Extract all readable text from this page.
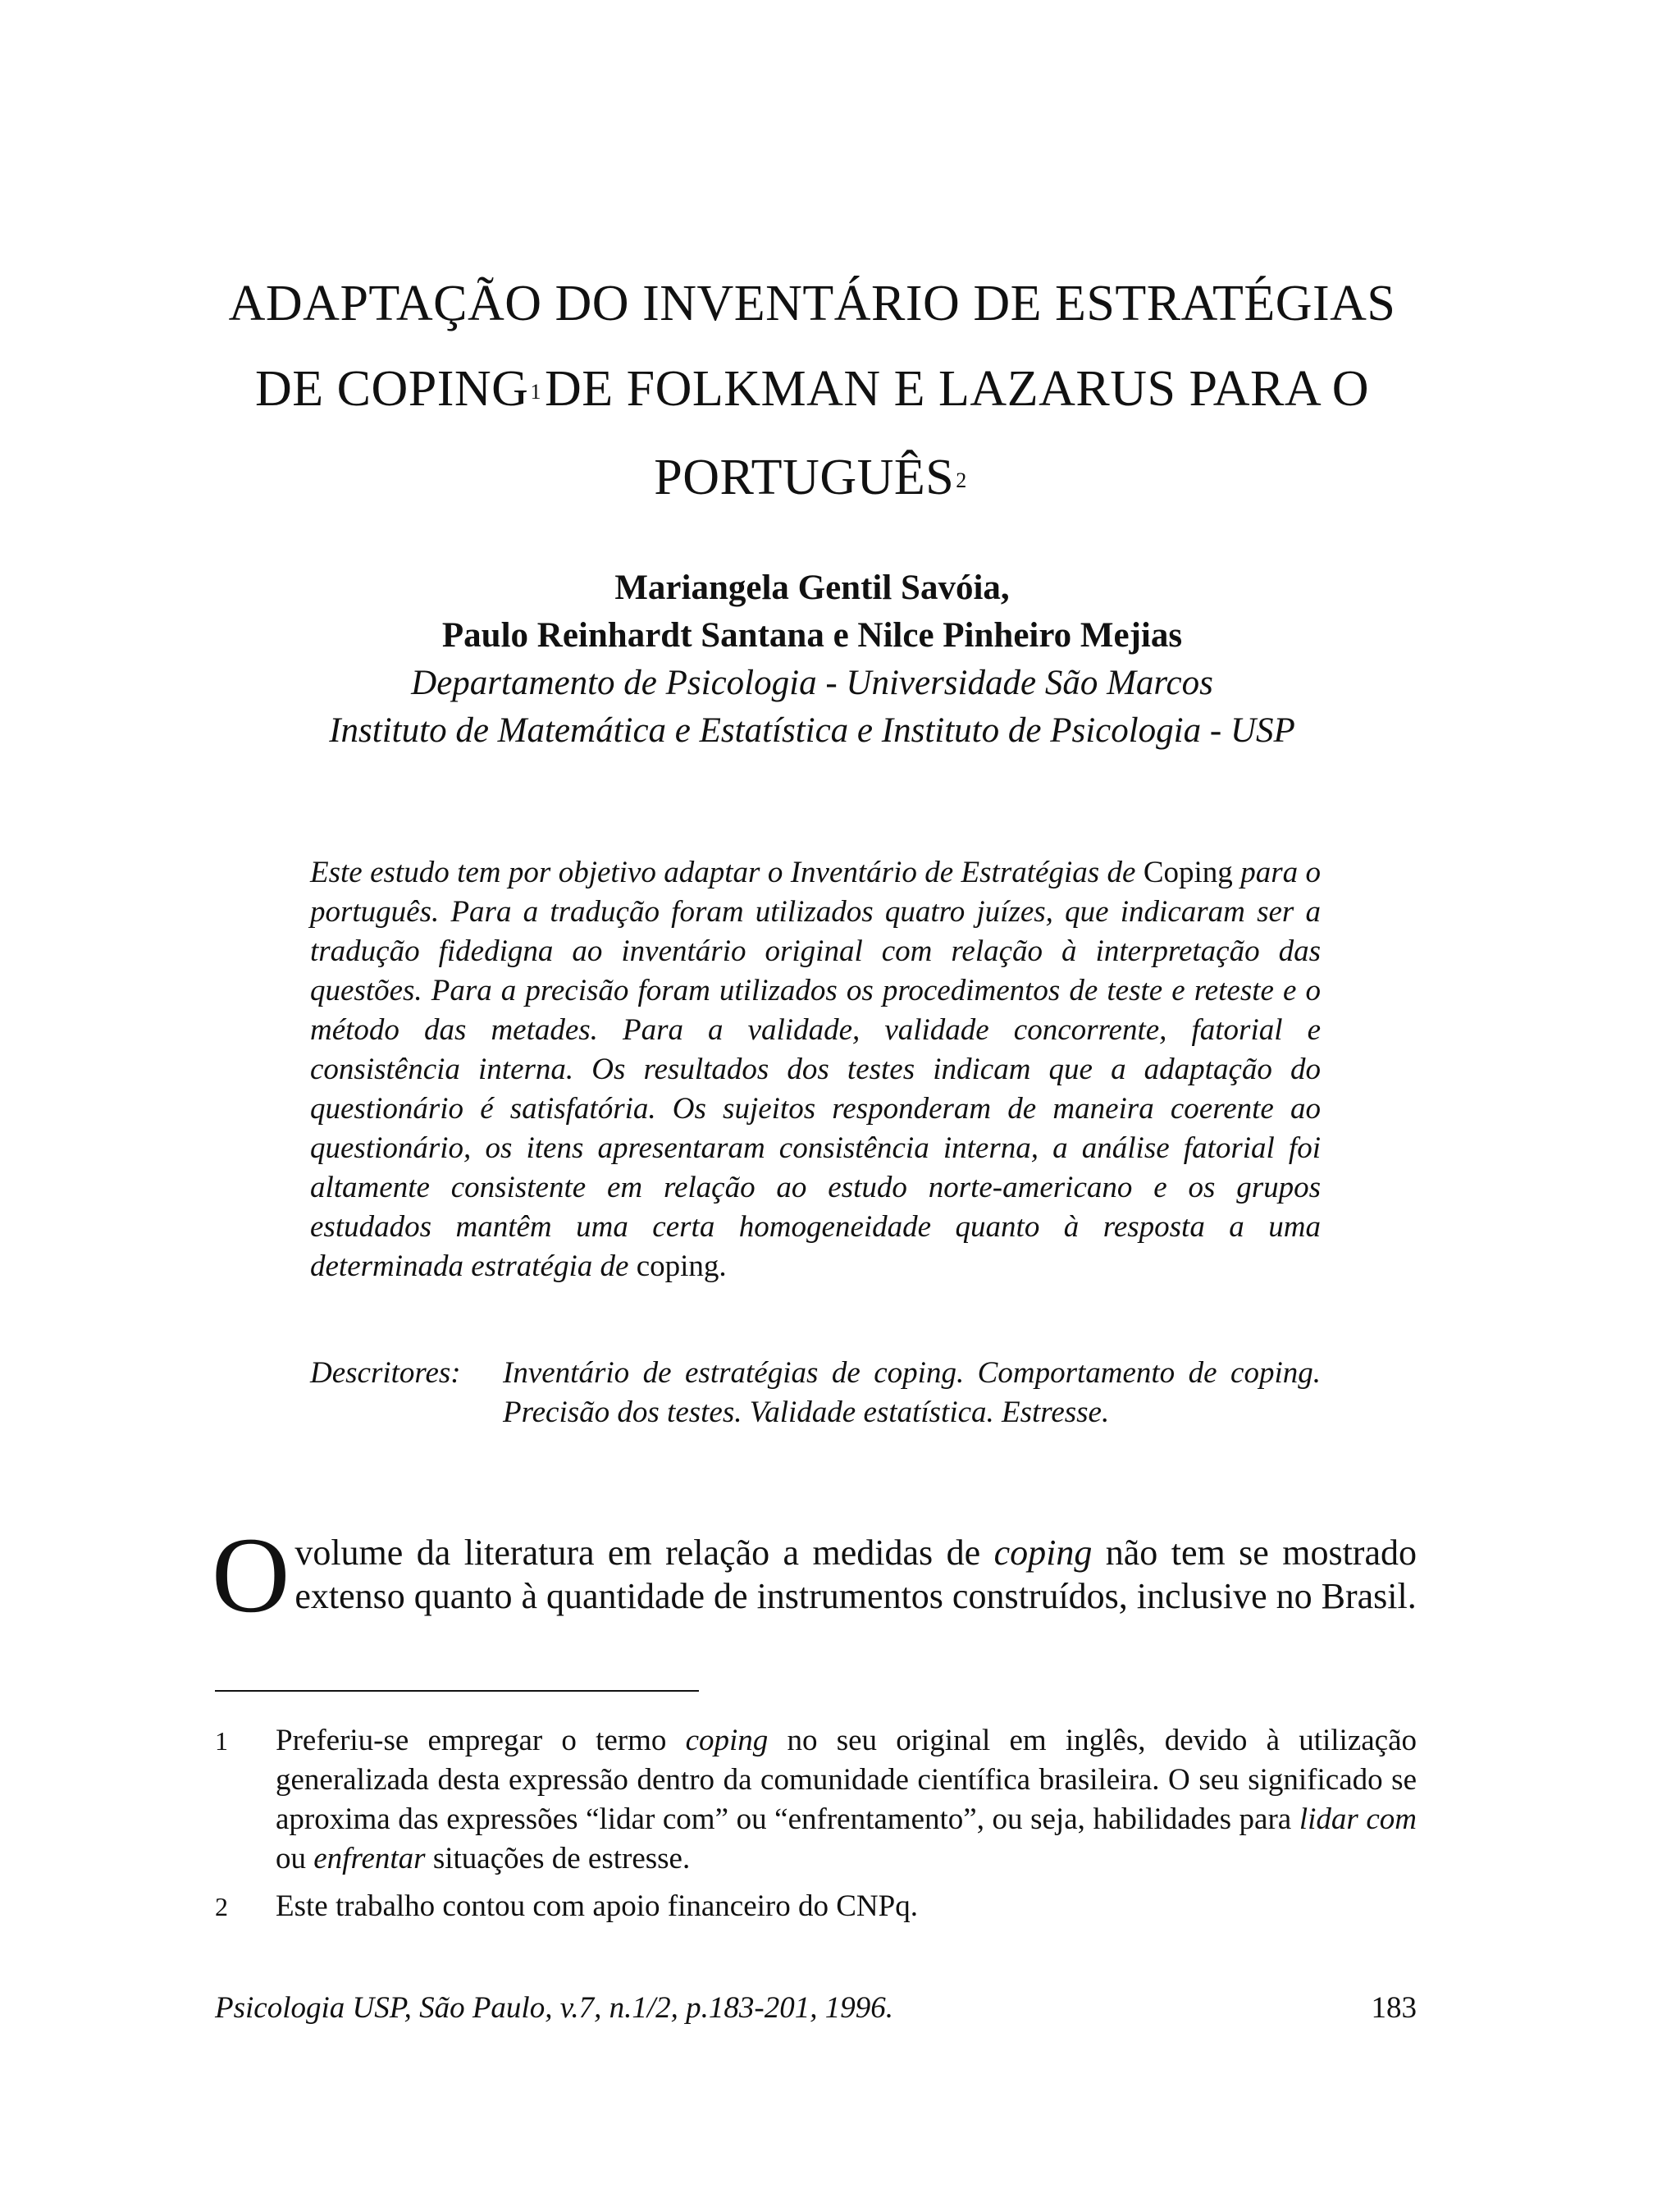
ADAPTAÇÃO DO INVENTÁRIO DE ESTRATÉGIAS
DE COPING$^1$DE FOLKMAN E LAZARUS PARA O
PORTUGUÊS$^2$
Mariangela Gentil Savóia,
Paulo Reinhardt Santana e Nilce Pinheiro Mejias
Departamento de Psicologia - Universidade São Marcos
Instituto de Matemática e Estatística e Instituto de Psicologia - USP
Este estudo tem por objetivo adaptar o Inventário de Estratégias de Coping para o português. Para a tradução foram utilizados quatro juízes, que indicaram ser a tradução fidedigna ao inventário original com relação à interpretação das questões. Para a precisão foram utilizados os procedimentos de teste e reteste e o método das metades. Para a validade, validade concorrente, fatorial e consistência interna. Os resultados dos testes indicam que a adaptação do questionário é satisfatória. Os sujeitos responderam de maneira coerente ao questionário, os itens apresentaram consistência interna, a análise fatorial foi altamente consistente em relação ao estudo norte-americano e os grupos estudados mantêm uma certa homogeneidade quanto à resposta a uma determinada estratégia de coping.
Descritores:	Inventário de estratégias de coping. Comportamento de coping. Precisão dos testes. Validade estatística. Estresse.
O volume da literatura em relação a medidas de coping não tem se mostrado extenso quanto à quantidade de instrumentos construídos, inclusive no Brasil.
1	Preferiu-se empregar o termo coping no seu original em inglês, devido à utilização generalizada desta expressão dentro da comunidade científica brasileira. O seu significado se aproxima das expressões “lidar com” ou “enfrentamento”, ou seja, habilidades para lidar com ou enfrentar situações de estresse.
2	Este trabalho contou com apoio financeiro do CNPq.
Psicologia USP, São Paulo, v.7, n.1/2, p.183-201, 1996.	183
